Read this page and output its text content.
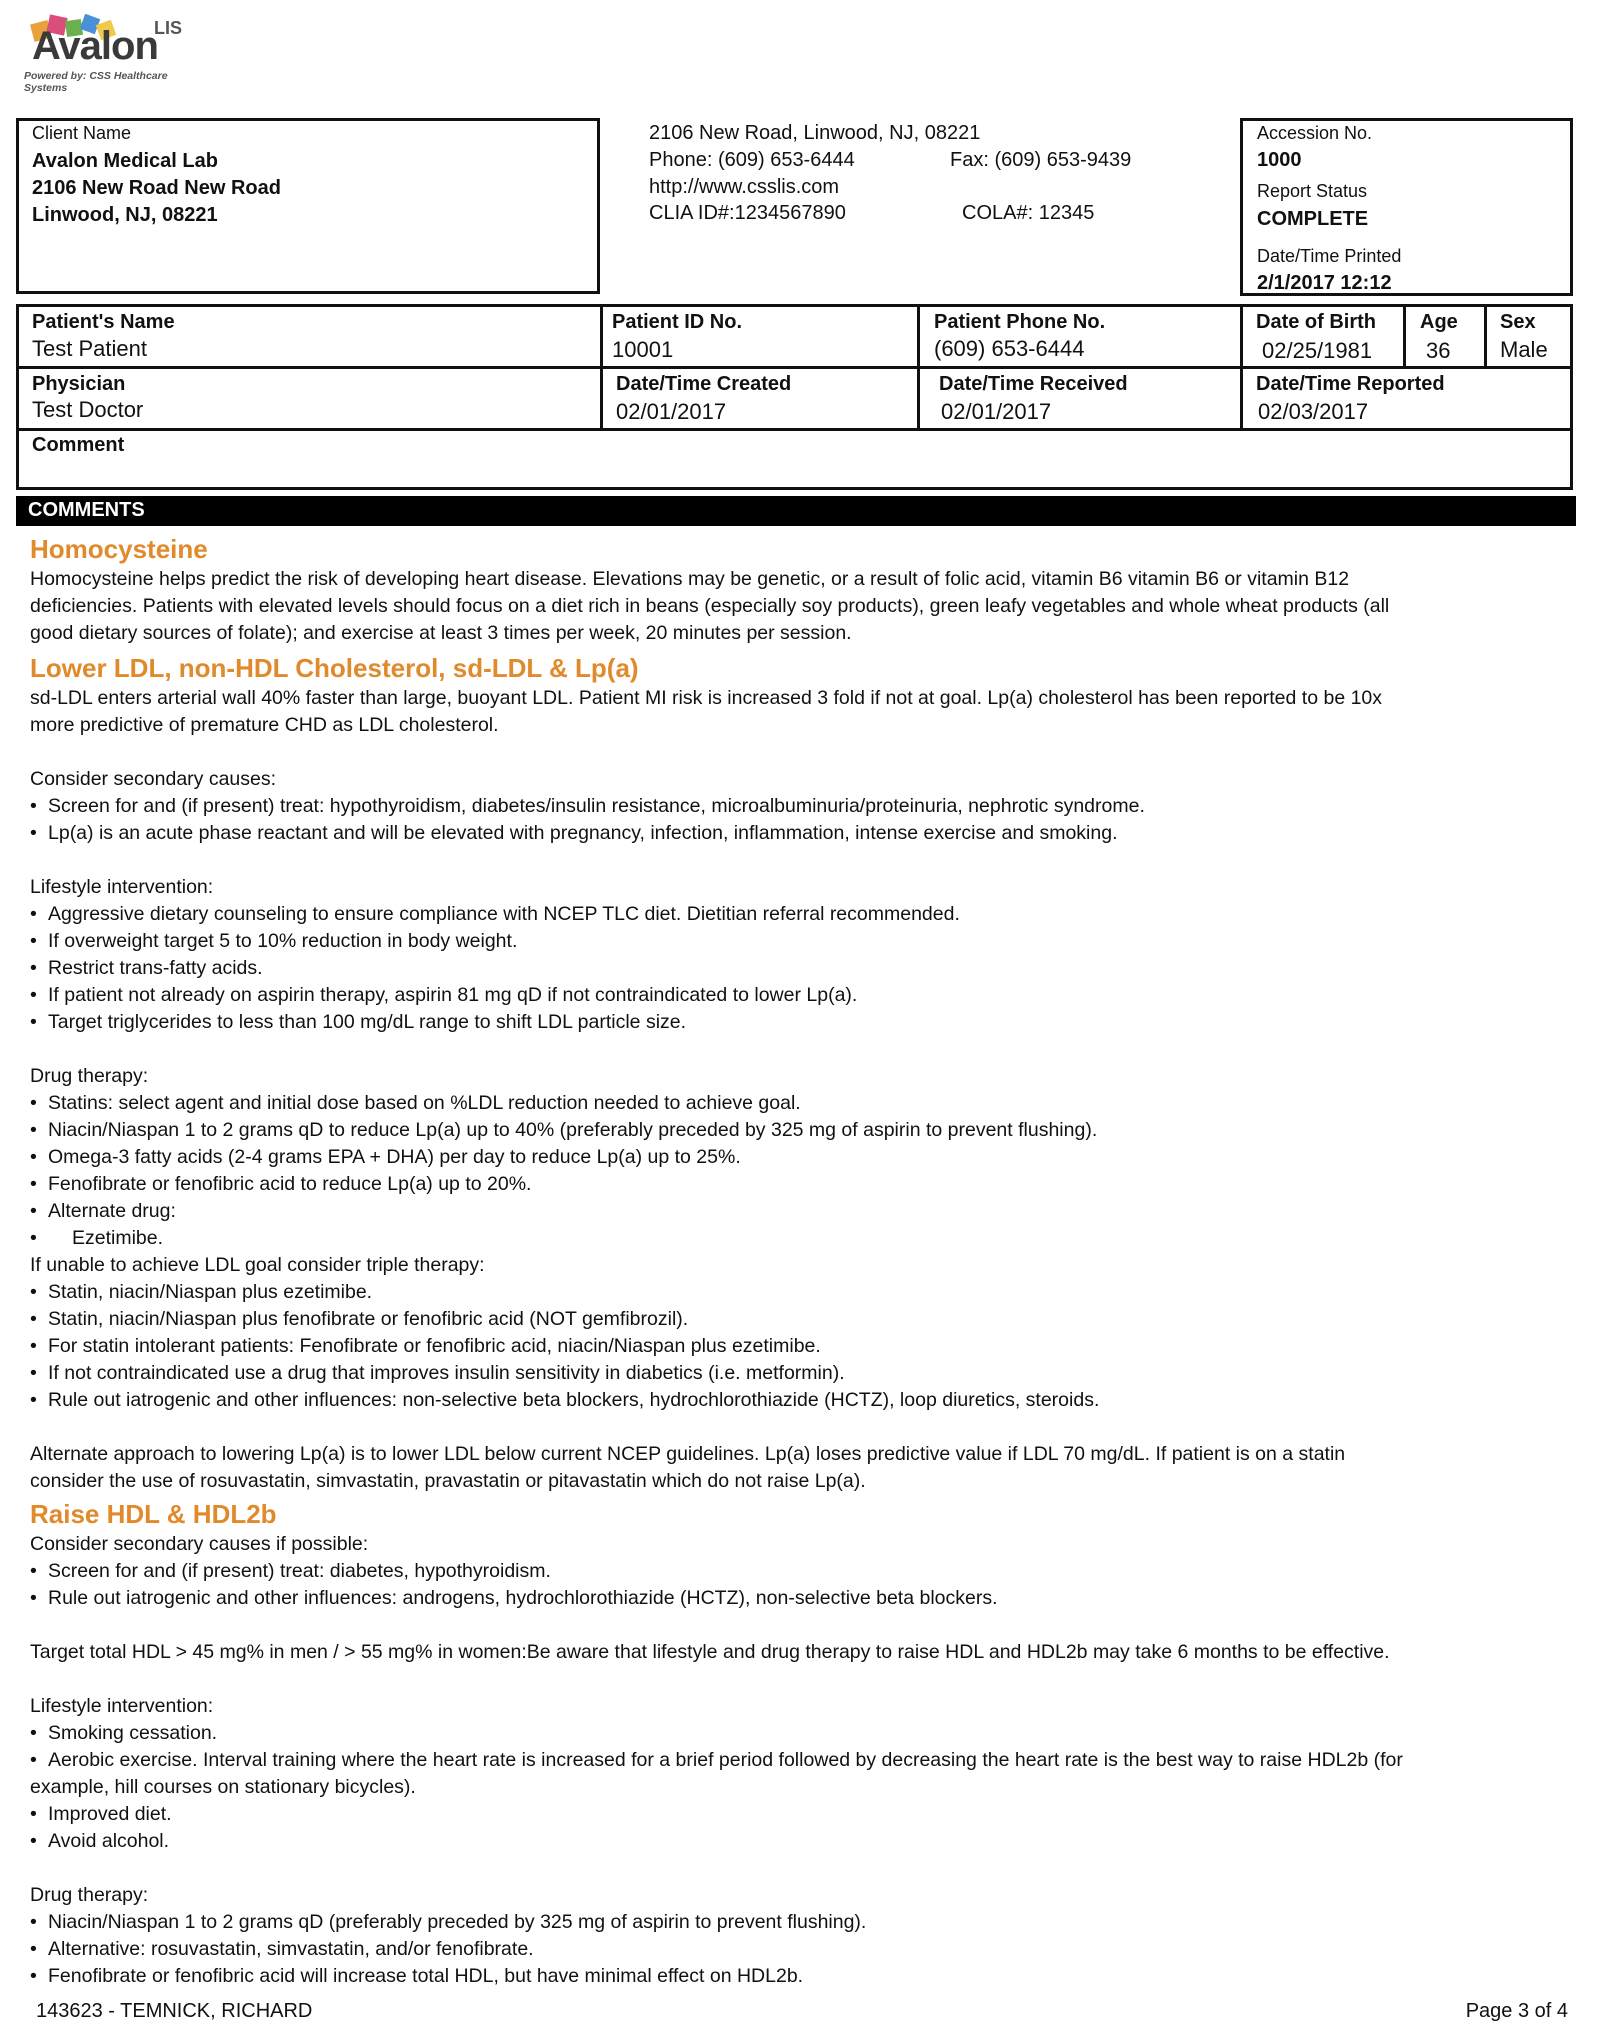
Avalon
LIS
Powered by: CSS Healthcare Systems
Client Name
Avalon Medical Lab
2106 New Road New Road
Linwood, NJ, 08221
2106 New Road, Linwood, NJ, 08221
Phone: (609) 653-6444	Fax: (609) 653-9439
http://www.csslis.com
CLIA ID#:1234567890	COLA#: 12345
Accession No.
1000
Report Status
COMPLETE
Date/Time Printed
2/1/2017 12:12
Patient's Name
Test Patient
Patient ID No.
10001
Patient Phone No.
(609) 653-6444
Date of Birth
02/25/1981
Age
36
Sex
Male
Physician
Test Doctor
Date/Time Created
02/01/2017
Date/Time Received
02/01/2017
Date/Time Reported
02/03/2017
Comment
COMMENTS
Homocysteine
Homocysteine helps predict the risk of developing heart disease. Elevations may be genetic, or a result of folic acid, vitamin B6 vitamin B6 or vitamin B12
deficiencies. Patients with elevated levels should focus on a diet rich in beans (especially soy products), green leafy vegetables and whole wheat products (all
good dietary sources of folate); and exercise at least 3 times per week, 20 minutes per session.
Lower LDL, non-HDL Cholesterol, sd-LDL & Lp(a)
sd-LDL enters arterial wall 40% faster than large, buoyant LDL. Patient MI risk is increased 3 fold if not at goal. Lp(a) cholesterol has been reported to be 10x
more predictive of premature CHD as LDL cholesterol.
Consider secondary causes:
• Screen for and (if present) treat: hypothyroidism, diabetes/insulin resistance, microalbuminuria/proteinuria, nephrotic syndrome.
• Lp(a) is an acute phase reactant and will be elevated with pregnancy, infection, inflammation, intense exercise and smoking.
Lifestyle intervention:
• Aggressive dietary counseling to ensure compliance with NCEP TLC diet. Dietitian referral recommended.
• If overweight target 5 to 10% reduction in body weight.
• Restrict trans-fatty acids.
• If patient not already on aspirin therapy, aspirin 81 mg qD if not contraindicated to lower Lp(a).
• Target triglycerides to less than 100 mg/dL range to shift LDL particle size.
Drug therapy:
• Statins: select agent and initial dose based on %LDL reduction needed to achieve goal.
• Niacin/Niaspan 1 to 2 grams qD to reduce Lp(a) up to 40% (preferably preceded by 325 mg of aspirin to prevent flushing).
• Omega-3 fatty acids (2-4 grams EPA + DHA) per day to reduce Lp(a) up to 25%.
• Fenofibrate or fenofibric acid to reduce Lp(a) up to 20%.
• Alternate drug:
• Ezetimibe.
If unable to achieve LDL goal consider triple therapy:
• Statin, niacin/Niaspan plus ezetimibe.
• Statin, niacin/Niaspan plus fenofibrate or fenofibric acid (NOT gemfibrozil).
• For statin intolerant patients: Fenofibrate or fenofibric acid, niacin/Niaspan plus ezetimibe.
• If not contraindicated use a drug that improves insulin sensitivity in diabetics (i.e. metformin).
• Rule out iatrogenic and other influences: non-selective beta blockers, hydrochlorothiazide (HCTZ), loop diuretics, steroids.
Alternate approach to lowering Lp(a) is to lower LDL below current NCEP guidelines. Lp(a) loses predictive value if LDL 70 mg/dL. If patient is on a statin
consider the use of rosuvastatin, simvastatin, pravastatin or pitavastatin which do not raise Lp(a).
Raise HDL & HDL2b
Consider secondary causes if possible:
• Screen for and (if present) treat: diabetes, hypothyroidism.
• Rule out iatrogenic and other influences: androgens, hydrochlorothiazide (HCTZ), non-selective beta blockers.
Target total HDL > 45 mg% in men / > 55 mg% in women:Be aware that lifestyle and drug therapy to raise HDL and HDL2b may take 6 months to be effective.
Lifestyle intervention:
• Smoking cessation.
• Aerobic exercise. Interval training where the heart rate is increased for a brief period followed by decreasing the heart rate is the best way to raise HDL2b (for
example, hill courses on stationary bicycles).
• Improved diet.
• Avoid alcohol.
Drug therapy:
• Niacin/Niaspan 1 to 2 grams qD (preferably preceded by 325 mg of aspirin to prevent flushing).
• Alternative: rosuvastatin, simvastatin, and/or fenofibrate.
• Fenofibrate or fenofibric acid will increase total HDL, but have minimal effect on HDL2b.
143623 - TEMNICK, RICHARD	Page 3 of 4
